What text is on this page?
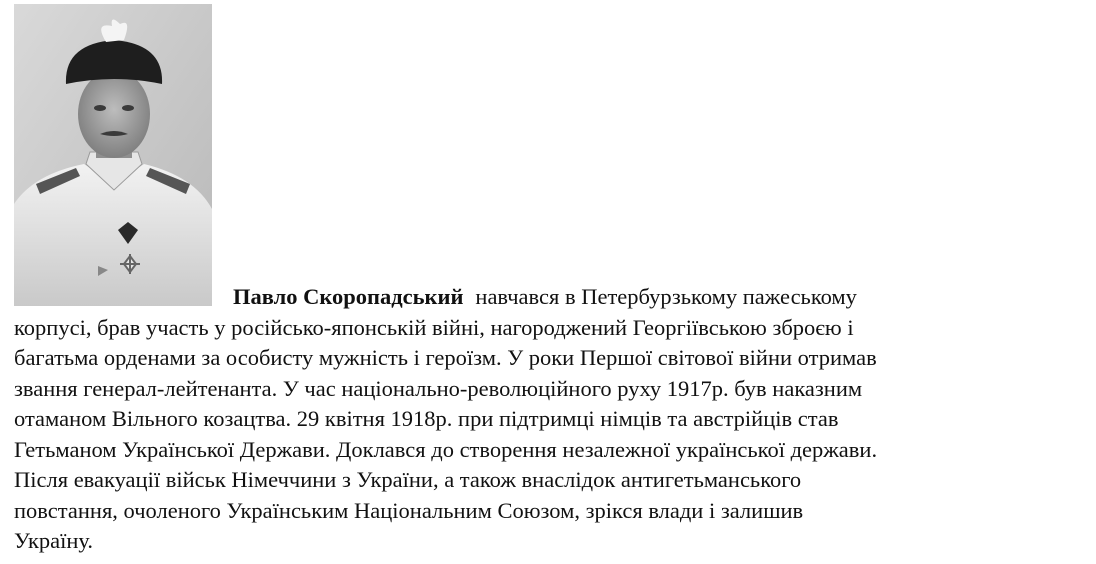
Павло Скоропадський навчався в Петербурзькому пажеському
корпусі, брав участь у російсько-японській війні, нагороджений Георгіївською зброєю і
багатьма орденами за особисту мужність і героїзм. У роки Першої світової війни отримав
звання генерал-лейтенанта. У час національно-революційного руху 1917р. був наказним
отаманом Вільного козацтва. 29 квітня 1918р. при підтримці німців та австрійців став
Гетьманом Української Держави. Доклався до створення незалежної української держави.
Після евакуації військ Німеччини з України, а також внаслідок антигетьманського
повстання, очоленого Українським Національним Союзом, зрікся влади і залишив
Україну.
